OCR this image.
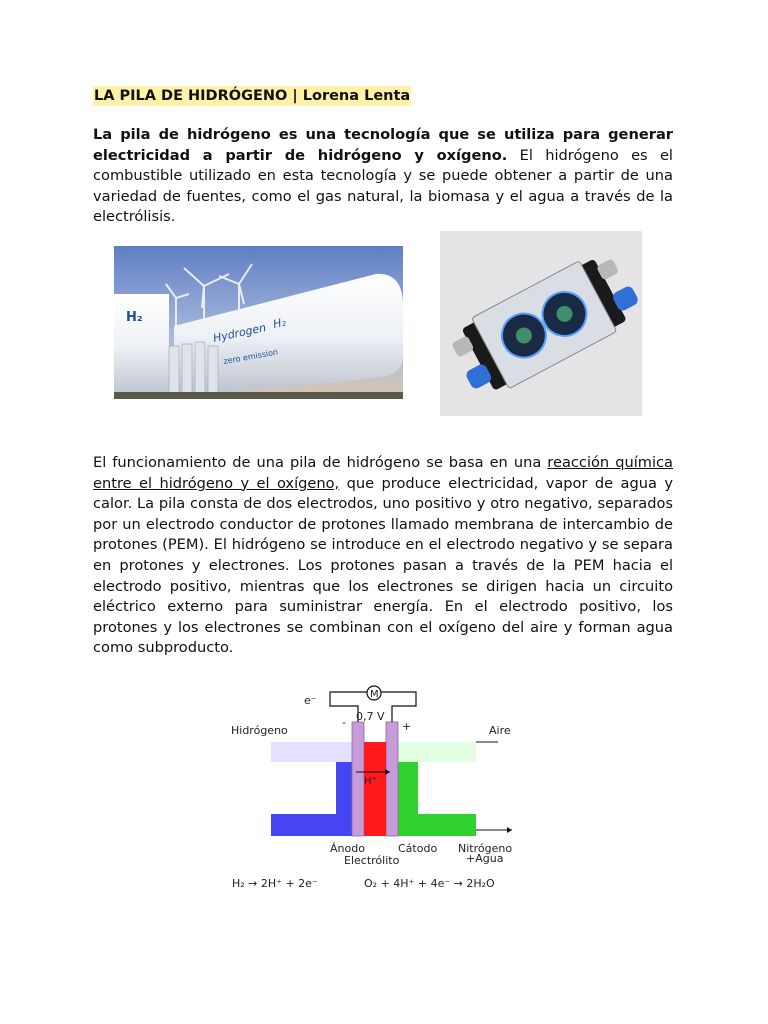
LA PILA DE HIDRÓGENO | Lorena Lenta

La pila de hidrógeno es una tecnología que se utiliza para generar electricidad a partir de hidrógeno y oxígeno. El hidrógeno es el combustible utilizado en esta tecnología y se puede obtener a partir de una variedad de fuentes, como el gas natural, la biomasa y el agua a través de la electrólisis.

El funcionamiento de una pila de hidrógeno se basa en una reacción química entre el hidrógeno y el oxígeno, que produce electricidad, vapor de agua y calor. La pila consta de dos electrodos, uno positivo y otro negativo, separados por un electrodo conductor de protones llamado membrana de intercambio de protones (PEM). El hidrógeno se introduce en el electrodo negativo y se separa en protones y electrones. Los protones pasan a través de la PEM hacia el electrodo positivo, mientras que los electrones se dirigen hacia un circuito eléctrico externo para suministrar energía. En el electrodo positivo, los protones y los electrones se combinan con el oxígeno del aire y forman agua como subproducto.

H₂
Hydrogen H₂
zero emission
M
e⁻
0,7 V
-	+
Hidrógeno	Aire
H⁺
Ánodo	Cátodo
Electrólito
Nitrógeno
+Agua
H₂ → 2H⁺ + 2e⁻	O₂ + 4H⁺ + 4e⁻ → 2H₂O
